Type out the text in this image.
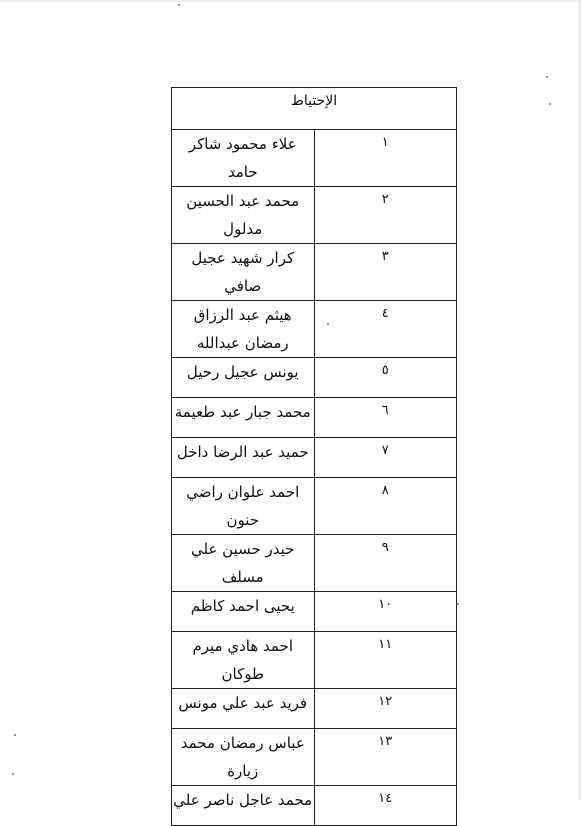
الإحتياط	
١	علاء محمود شاكر حامد
٢	محمد عبد الحسين مدلول
٣	كرار شهيد عجيل صافي
٤	هيثم عبد الرزاق رمضان عبدالله
٥	يونس عجيل رحيل
٦	محمد جبار عبد طعيمة
٧	حميد عبد الرضا داخل
٨	احمد علوان راضي حنون
٩	حيدر حسين علي مسلف
١٠	يحيى احمد كاظم
١١	احمد هادي ميرم طوكان
١٢	فريد عبد علي مونس
١٣	عباس رمضان محمد زيارة
١٤	محمد عاجل ناصر علي
